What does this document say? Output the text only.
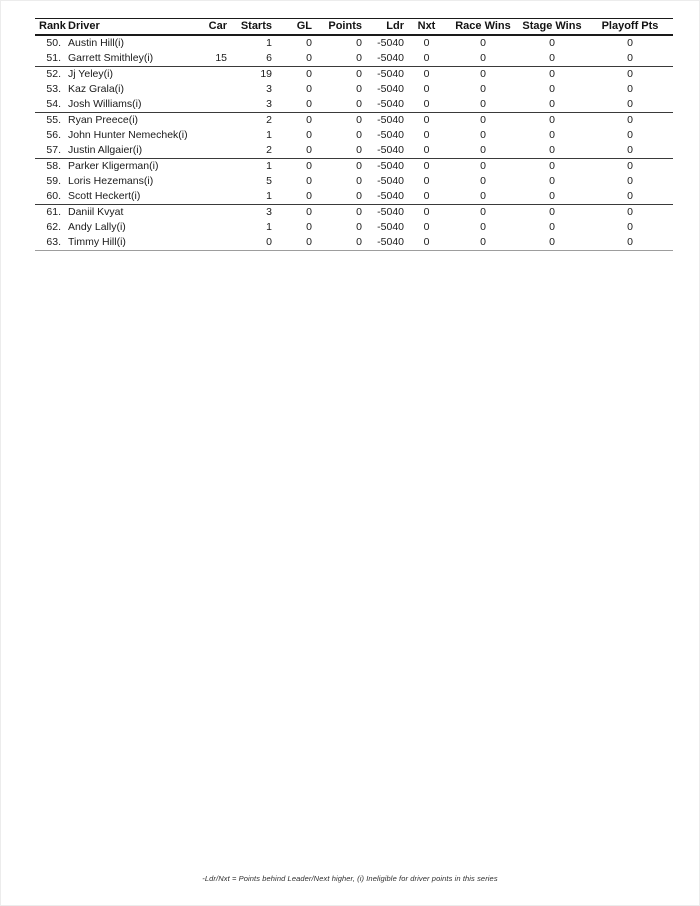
Rank	Driver	Car	Starts	GL	Points	Ldr	Nxt	Race Wins	Stage Wins	Playoff Pts
50.	Austin Hill(i)		1	0	0	-5040	0	0	0	0
51.	Garrett Smithley(i)	15	6	0	0	-5040	0	0	0	0
52.	Jj Yeley(i)		19	0	0	-5040	0	0	0	0
53.	Kaz Grala(i)		3	0	0	-5040	0	0	0	0
54.	Josh Williams(i)		3	0	0	-5040	0	0	0	0
55.	Ryan Preece(i)		2	0	0	-5040	0	0	0	0
56.	John Hunter Nemechek(i)		1	0	0	-5040	0	0	0	0
57.	Justin Allgaier(i)		2	0	0	-5040	0	0	0	0
58.	Parker Kligerman(i)		1	0	0	-5040	0	0	0	0
59.	Loris Hezemans(i)		5	0	0	-5040	0	0	0	0
60.	Scott Heckert(i)		1	0	0	-5040	0	0	0	0
61.	Daniil Kvyat		3	0	0	-5040	0	0	0	0
62.	Andy Lally(i)		1	0	0	-5040	0	0	0	0
63.	Timmy Hill(i)		0	0	0	-5040	0	0	0	0
-Ldr/Nxt = Points behind Leader/Next higher, (i) Ineligible for driver points in this series
